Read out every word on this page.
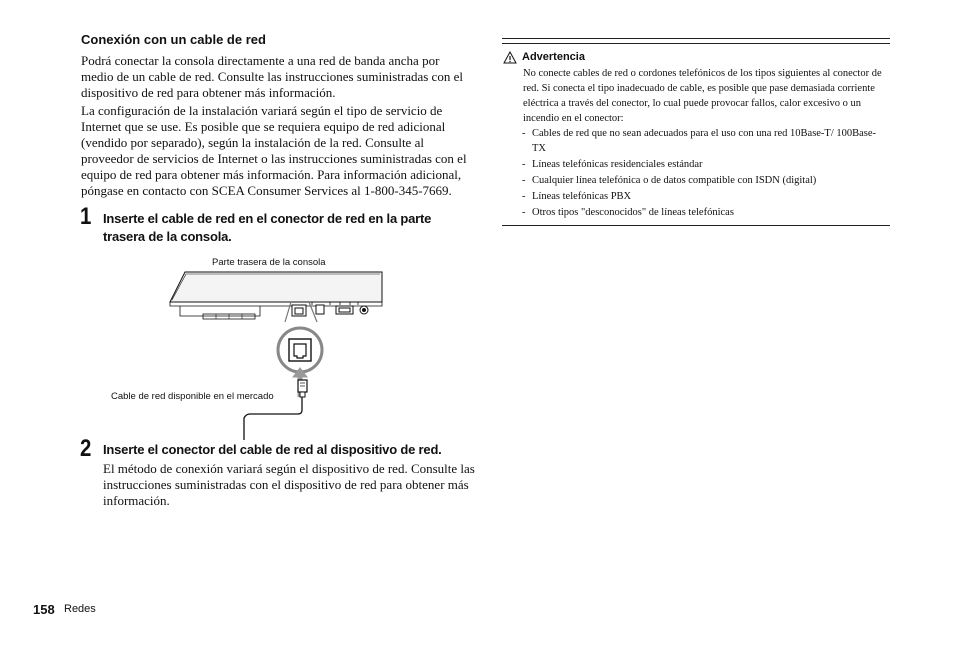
Conexión con un cable de red

Podrá conectar la consola directamente a una red de banda ancha por medio de un cable de red. Consulte las instrucciones suministradas con el dispositivo de red para obtener más información.

La configuración de la instalación variará según el tipo de servicio de Internet que se use. Es posible que se requiera equipo de red adicional (vendido por separado), según la instalación de la red. Consulte al proveedor de servicios de Internet o las instrucciones suministradas con el equipo de red para obtener más información. Para información adicional, póngase en contacto con SCEA Consumer Services al 1-800-345-7669.

1 Inserte el cable de red en el conector de red en la parte trasera de la consola.

Parte trasera de la consola
Cable de red disponible en el mercado
2 Inserte el conector del cable de red al dispositivo de red.

El método de conexión variará según el dispositivo de red. Consulte las instrucciones suministradas con el dispositivo de red para obtener más información.

Advertencia

No conecte cables de red o cordones telefónicos de los tipos siguientes al conector de red. Si conecta el tipo inadecuado de cable, es posible que pase demasiada corriente eléctrica a través del conector, lo cual puede provocar fallos, calor excesivo o un incendio en el conector:

- Cables de red que no sean adecuados para el uso con una red 10Base-T/ 100Base-TX
- Líneas telefónicas residenciales estándar
- Cualquier línea telefónica o de datos compatible con ISDN (digital)
- Líneas telefónicas PBX
- Otros tipos "desconocidos" de líneas telefónicas
158 Redes
